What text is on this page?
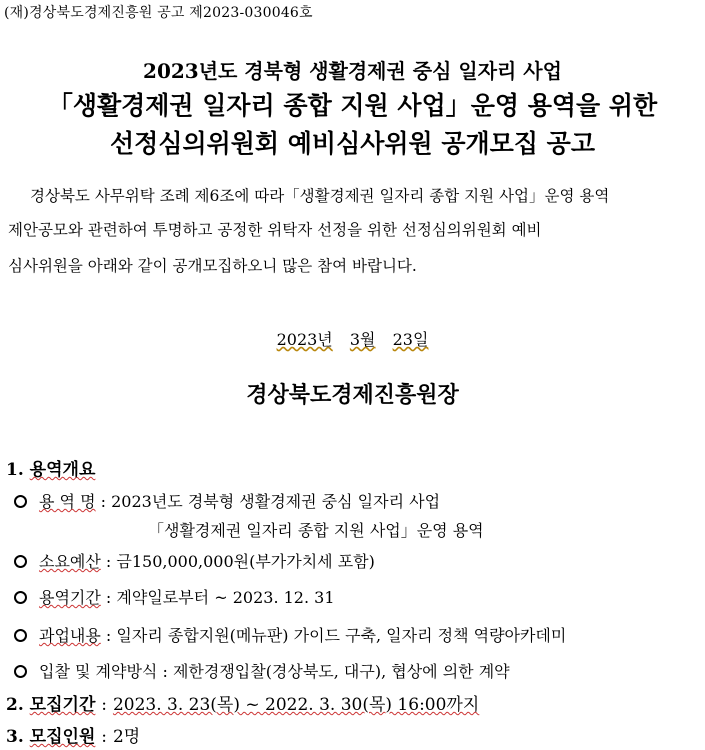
(재)경상북도경제진흥원 공고 제2023-030046호
2023년도 경북형 생활경제권 중심 일자리 사업
「생활경제권 일자리 종합 지원 사업」운영 용역을 위한
선정심의위원회 예비심사위원 공개모집 공고
경상북도 사무위탁 조례 제6조에 따라「생활경제권 일자리 종합 지원 사업」운영 용역
제안공모와 관련하여 투명하고 공정한 위탁자 선정을 위한 선정심의위원회 예비
심사위원을 아래와 같이 공개모집하오니 많은 참여 바랍니다.
2023년 3월 23일
경상북도경제진흥원장
1. 용역개요
용 역 명 : 2023년도 경북형 생활경제권 중심 일자리 사업
「생활경제권 일자리 종합 지원 사업」운영 용역
소요예산 : 금150,000,000원(부가가치세 포함)
용역기간 : 계약일로부터 ~ 2023. 12. 31
과업내용 : 일자리 종합지원(메뉴판) 가이드 구축, 일자리 정책 역량아카데미
입찰 및 계약방식 : 제한경쟁입찰(경상북도, 대구), 협상에 의한 계약
2. 모집기간 : 2023. 3. 23(목) ~ 2022. 3. 30(목) 16:00까지
3. 모집인원 : 2명
